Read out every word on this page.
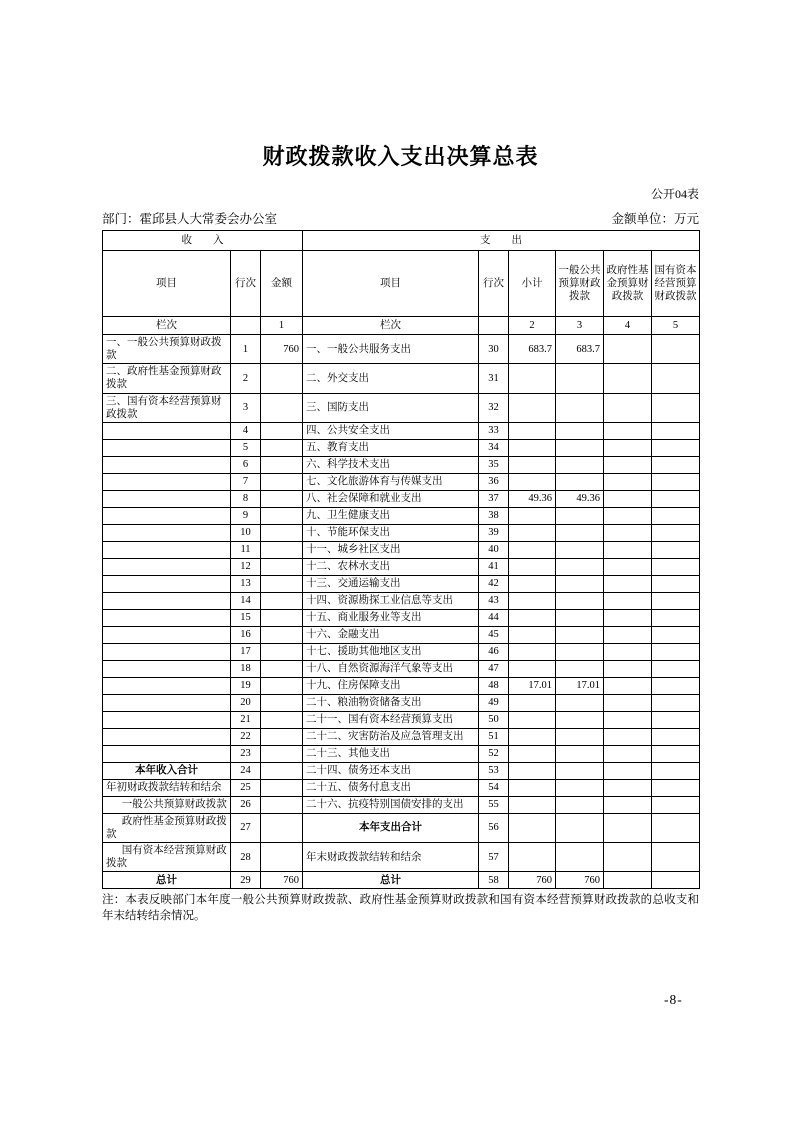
财政拨款收入支出决算总表
公开04表
部门：霍邱县人大常委会办公室	金额单位：万元
收　　入			支　　出					
项目	行次	金额	项目	行次	小计	一般公共预算财政拨款	政府性基金预算财政拨款	国有资本经营预算财政拨款
栏次		1	栏次		2	3	4	5
一、一般公共预算财政拨款	1	760	一、一般公共服务支出	30	683.7	683.7		
二、政府性基金预算财政拨款	2		二、外交支出	31				
三、国有资本经营预算财政拨款	3		三、国防支出	32				
	4		四、公共安全支出	33				
	5		五、教育支出	34				
	6		六、科学技术支出	35				
	7		七、文化旅游体育与传媒支出	36				
	8		八、社会保障和就业支出	37	49.36	49.36		
	9		九、卫生健康支出	38				
	10		十、节能环保支出	39				
	11		十一、城乡社区支出	40				
	12		十二、农林水支出	41				
	13		十三、交通运输支出	42				
	14		十四、资源勘探工业信息等支出	43				
	15		十五、商业服务业等支出	44				
	16		十六、金融支出	45				
	17		十七、援助其他地区支出	46				
	18		十八、自然资源海洋气象等支出	47				
	19		十九、住房保障支出	48	17.01	17.01		
	20		二十、粮油物资储备支出	49				
	21		二十一、国有资本经营预算支出	50				
	22		二十二、灾害防治及应急管理支出	51				
	23		二十三、其他支出	52				
本年收入合计	24		二十四、债务还本支出	53				
年初财政拨款结转和结余	25		二十五、债务付息支出	54				
一般公共预算财政拨款	26		二十六、抗疫特别国债安排的支出	55				
政府性基金预算财政拨款	27		本年支出合计	56				
国有资本经营预算财政拨款	28		年末财政拨款结转和结余	57				
总计	29	760	总计	58	760	760		
注：本表反映部门本年度一般公共预算财政拨款、政府性基金预算财政拨款和国有资本经营预算财政拨款的总收支和年末结转结余情况。
-8-
